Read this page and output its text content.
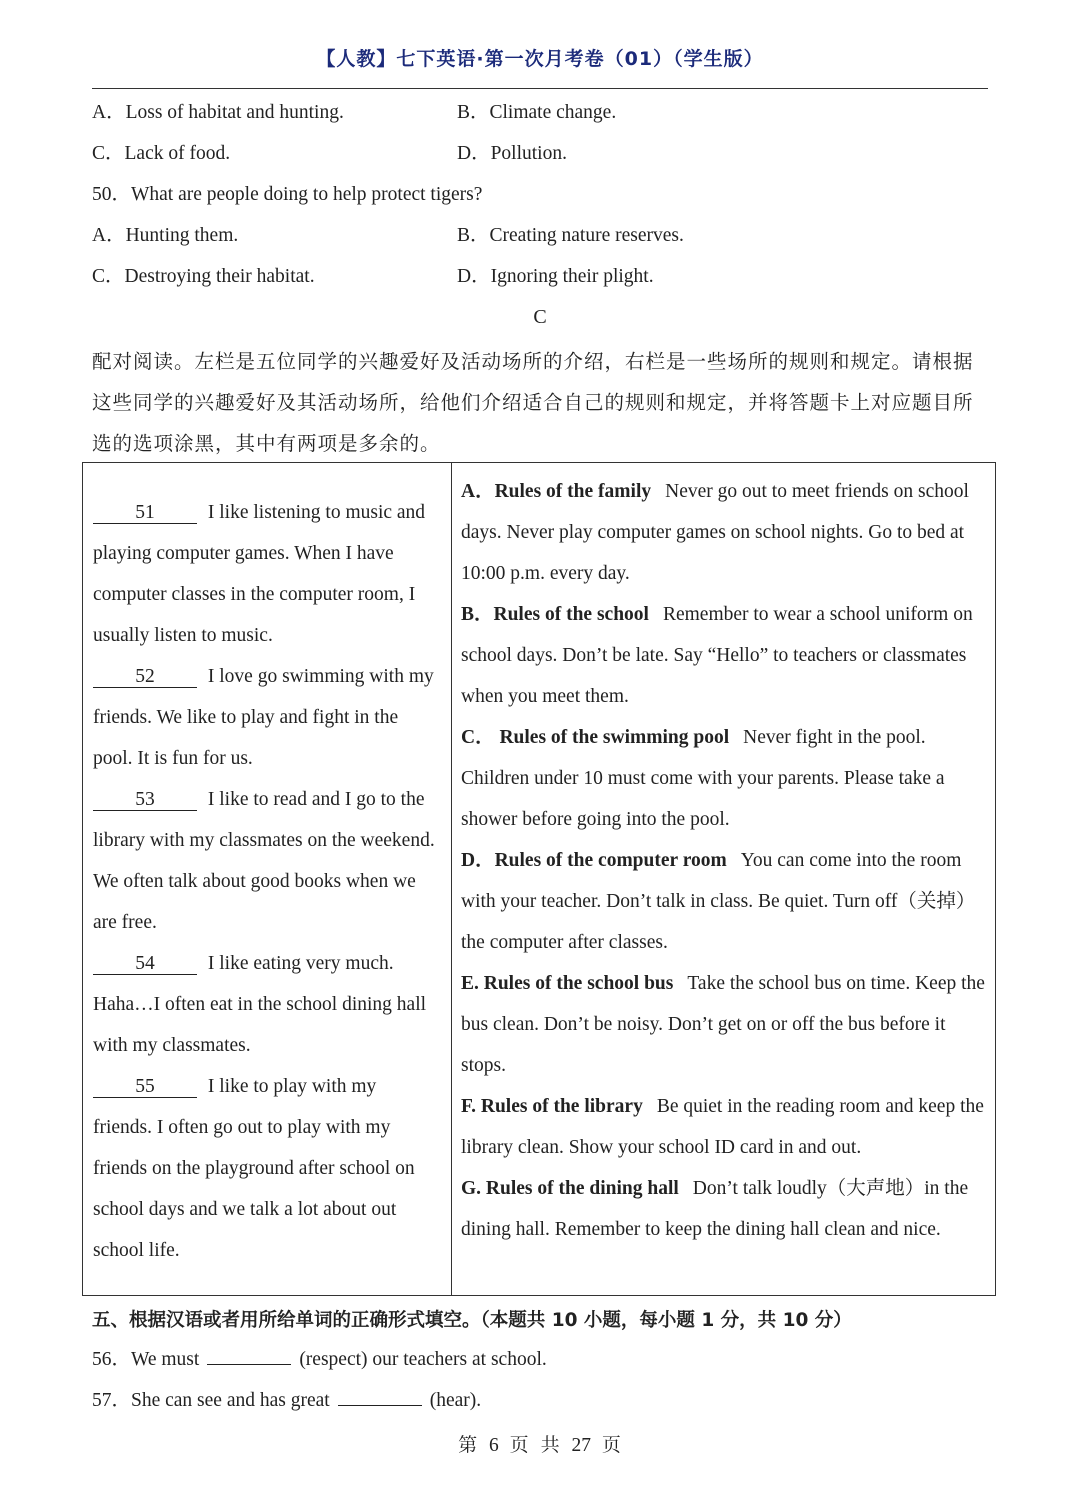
【人教】七下英语·第一次月考卷（01）（学生版）
A．Loss of habitat and hunting.	B．Climate change.
C．Lack of food.	D．Pollution.
50．What are people doing to help protect tigers?
A．Hunting them.	B．Creating nature reserves.
C．Destroying their habitat.	D．Ignoring their plight.
C
配对阅读。左栏是五位同学的兴趣爱好及活动场所的介绍，右栏是一些场所的规则和规定。请根据这些同学的兴趣爱好及其活动场所，给他们介绍适合自己的规则和规定，并将答题卡上对应题目所选的选项涂黑，其中有两项是多余的。
51	I like listening to music and playing computer games. When I have computer classes in the computer room, I usually listen to music.
52	I love go swimming with my friends. We like to play and fight in the pool. It is fun for us.
53	I like to read and I go to the library with my classmates on the weekend. We often talk about good books when we are free.
54	I like eating very much. Haha…I often eat in the school dining hall with my classmates.
55	I like to play with my friends. I often go out to play with my friends on the playground after school on school days and we talk a lot about out school life.
A．Rules of the family Never go out to meet friends on school days. Never play computer games on school nights. Go to bed at 10:00 p.m. every day.
B．Rules of the school Remember to wear a school uniform on school days. Don’t be late. Say “Hello” to teachers or classmates when you meet them.
C． Rules of the swimming pool Never fight in the pool. Children under 10 must come with your parents. Please take a shower before going into the pool.
D．Rules of the computer room You can come into the room with your teacher. Don’t talk in class. Be quiet. Turn off（关掉）the computer after classes.
E. Rules of the school bus Take the school bus on time. Keep the bus clean. Don’t be noisy. Don’t get on or off the bus before it stops.
F. Rules of the library Be quiet in the reading room and keep the library clean. Show your school ID card in and out.
G. Rules of the dining hall Don’t talk loudly（大声地）in the dining hall. Remember to keep the dining hall clean and nice.
五、根据汉语或者用所给单词的正确形式填空。（本题共 10 小题，每小题 1 分，共 10 分）
56．We must	(respect) our teachers at school.
57．She can see and has great	(hear).
第 6 页 共 27 页
